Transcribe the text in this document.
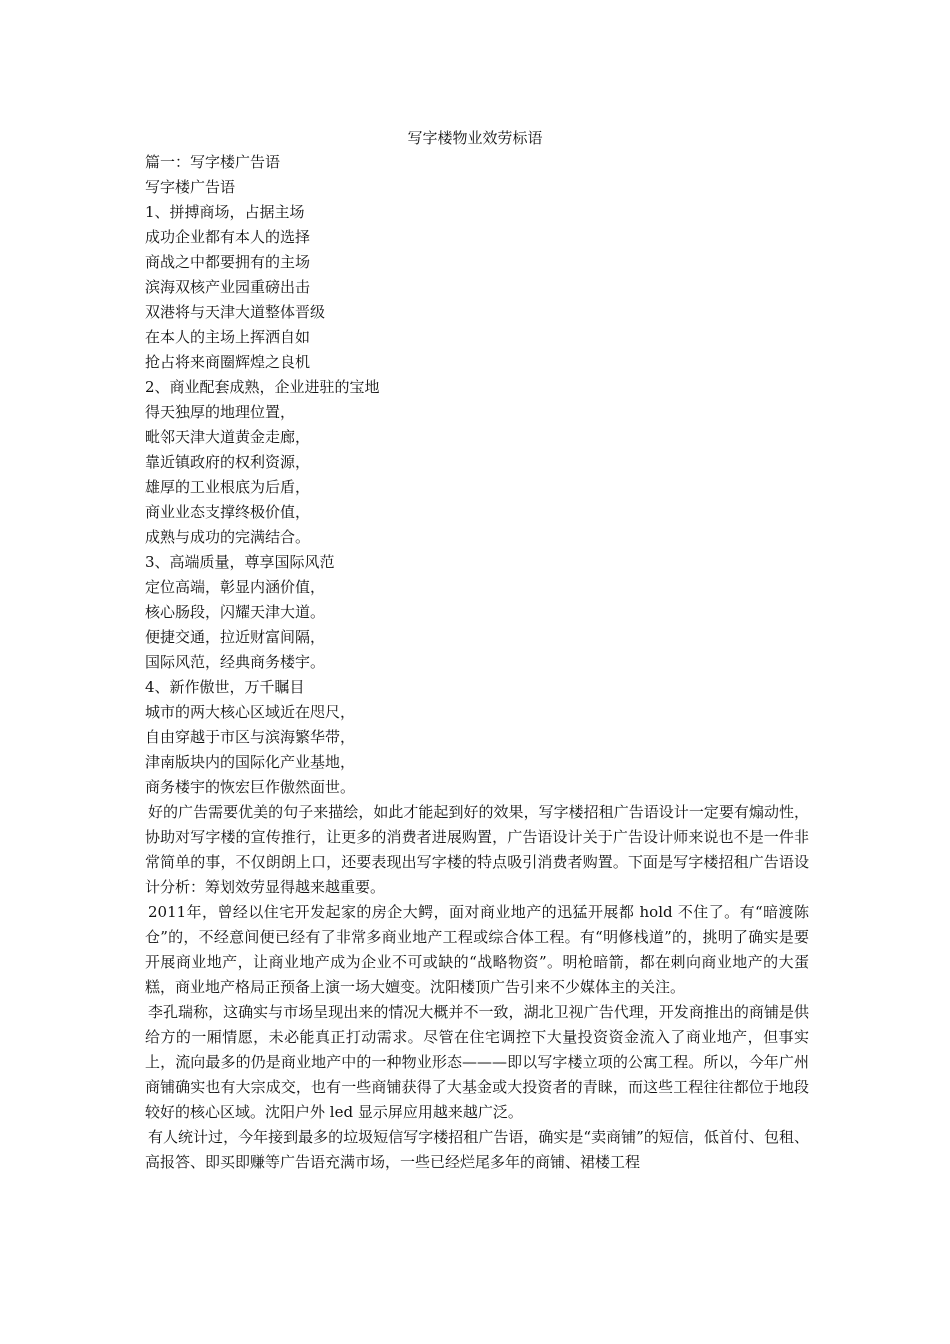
写字楼物业效劳标语
篇一：写字楼广告语
写字楼广告语
1、拼搏商场，占据主场
成功企业都有本人的选择
商战之中都要拥有的主场
滨海双核产业园重磅出击
双港将与天津大道整体晋级
在本人的主场上挥洒自如
抢占将来商圈辉煌之良机
2、商业配套成熟，企业进驻的宝地
得天独厚的地理位置，
毗邻天津大道黄金走廊，
靠近镇政府的权利资源，
雄厚的工业根底为后盾，
商业业态支撑终极价值，
成熟与成功的完满结合。
3、高端质量，尊享国际风范
定位高端，彰显内涵价值，
核心肠段，闪耀天津大道。
便捷交通，拉近财富间隔，
国际风范，经典商务楼宇。
4、新作傲世，万千瞩目
城市的两大核心区域近在咫尺，
自由穿越于市区与滨海繁华带，
津南版块内的国际化产业基地，
商务楼宇的恢宏巨作傲然面世。
好的广告需要优美的句子来描绘，如此才能起到好的效果，写字楼招租广告语设计一定要有煽动性，协助对写字楼的宣传推行，让更多的消费者进展购置，广告语设计关于广告设计师来说也不是一件非常简单的事，不仅朗朗上口，还要表现出写字楼的特点吸引消费者购置。下面是写字楼招租广告语设计分析：筹划效劳显得越来越重要。
2011年，曾经以住宅开发起家的房企大鳄，面对商业地产的迅猛开展都 hold 不住了。有“暗渡陈仓”的，不经意间便已经有了非常多商业地产工程或综合体工程。有“明修栈道”的，挑明了确实是要开展商业地产，让商业地产成为企业不可或缺的“战略物资”。明枪暗箭，都在刺向商业地产的大蛋糕，商业地产格局正预备上演一场大嬗变。沈阳楼顶广告引来不少媒体主的关注。
李孔瑞称，这确实与市场呈现出来的情况大概并不一致，湖北卫视广告代理，开发商推出的商铺是供给方的一厢情愿，未必能真正打动需求。尽管在住宅调控下大量投资资金流入了商业地产，但事实上，流向最多的仍是商业地产中的一种物业形态———即以写字楼立项的公寓工程。所以，今年广州商铺确实也有大宗成交，也有一些商铺获得了大基金或大投资者的青睐，而这些工程往往都位于地段较好的核心区域。沈阳户外 led 显示屏应用越来越广泛。
有人统计过，今年接到最多的垃圾短信写字楼招租广告语，确实是“卖商铺”的短信，低首付、包租、高报答、即买即赚等广告语充满市场，一些已经烂尾多年的商铺、裙楼工程
